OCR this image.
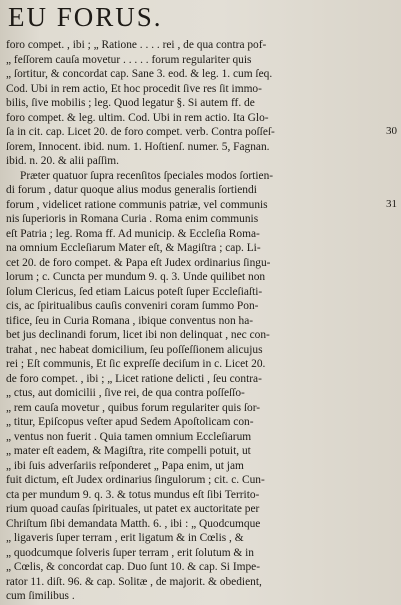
EU FORUS.
foro compet. , ibi ; „ Ratione . . . . rei , de qua contra pof-
„ feſſorem cauſa movetur . . . . . forum regulariter quis
„ ſortitur, & concordat cap. Sane 3. eod. & leg. 1. cum ſeq.
Cod. Ubi in rem actio, Et hoc procedit ſive res ſit immo-
bilis, ſive mobilis ; leg. Quod legatur §. Si autem ff. de
foro compet. & leg. ultim. Cod. Ubi in rem actio. Ita Glo-
ſa in cit. cap. Licet 20. de foro compet. verb. Contra poſſeſ-
ſorem, Innocent. ibid. num. 1. Hoſtienſ. numer. 5, Fagnan.
ibid. n. 20. & alii paſſim.
Præter quatuor ſupra recenſitos ſpeciales modos ſortien-
di forum , datur quoque alius modus generalis ſortiendi
forum , videlicet ratione communis patriæ, vel communis
nis ſuperioris in Romana Curia . Roma enim communis
eſt Patria ; leg. Roma ff. Ad municip. & Eccleſia Roma-
na omnium Eccleſiarum Mater eſt, & Magiſtra ; cap. Li-
cet 20. de foro compet. & Papa eſt Judex ordinarius ſingu-
lorum ; c. Cuncta per mundum 9. q. 3. Unde quilibet non
ſolum Clericus, ſed etiam Laicus poteſt ſuper Eccleſiaſti-
cis, ac ſpiritualibus cauſis conveniri coram ſummo Pon-
tifice, ſeu in Curia Romana , ibique conventus non ha-
bet jus declinandi forum, licet ibi non delinquat , nec con-
trahat , nec habeat domicilium, ſeu poſſeſſionem alicujus
rei ; Eſt communis, Et ſic expreſſe deciſum in c. Licet 20.
de foro compet. , ibi ; „ Licet ratione delicti , ſeu contra-
„ ctus, aut domicilii , ſive rei, de qua contra poſſeſſo-
„ rem cauſa movetur , quibus forum regulariter quis ſor-
„ titur, Epiſcopus veſter apud Sedem Apoſtolicam con-
„ ventus non fuerit . Quia tamen omnium Eccleſiarum
„ mater eſt eadem, & Magiſtra, rite compelli potuit, ut
„ ibi ſuis adverſariis reſponderet „ Papa enim, ut jam
fuit dictum, eſt Judex ordinarius ſingulorum ; cit. c. Cun-
cta per mundum 9. q. 3. & totus mundus eſt ſibi Territo-
rium quoad cauſas ſpirituales, ut patet ex auctoritate per
Chriſtum ſibi demandata Matth. 6. , ibi : „ Quodcumque
„ ligaveris ſuper terram , erit ligatum & in Cœlis , &
„ quodcumque ſolveris ſuper terram , erit ſolutum & in
„ Cœlis, & concordat cap. Duo ſunt 10. & cap. Si Impe-
rator 11. diſt. 96. & cap. Solitæ , de majorit. & obedient,
cum ſimilibus .
30
31
